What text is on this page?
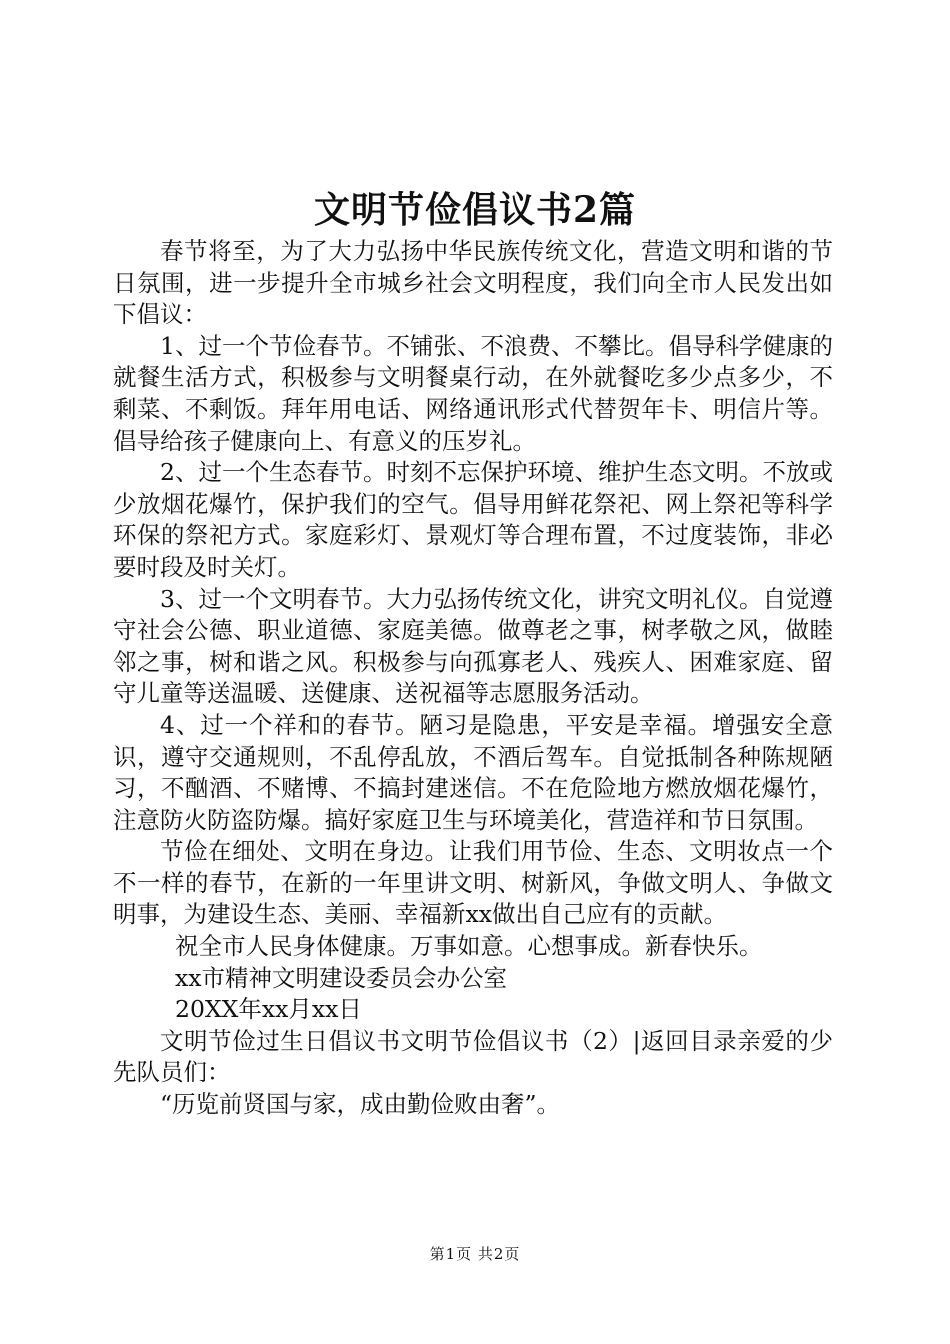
文明节俭倡议书2篇

春节将至，为了大力弘扬中华民族传统文化，营造文明和谐的节日氛围，进一步提升全市城乡社会文明程度，我们向全市人民发出如下倡议：

1、过一个节俭春节。不铺张、不浪费、不攀比。倡导科学健康的就餐生活方式，积极参与文明餐桌行动，在外就餐吃多少点多少，不剩菜、不剩饭。拜年用电话、网络通讯形式代替贺年卡、明信片等。倡导给孩子健康向上、有意义的压岁礼。

2、过一个生态春节。时刻不忘保护环境、维护生态文明。不放或少放烟花爆竹，保护我们的空气。倡导用鲜花祭祀、网上祭祀等科学环保的祭祀方式。家庭彩灯、景观灯等合理布置，不过度装饰，非必要时段及时关灯。

3、过一个文明春节。大力弘扬传统文化，讲究文明礼仪。自觉遵守社会公德、职业道德、家庭美德。做尊老之事，树孝敬之风，做睦邻之事，树和谐之风。积极参与向孤寡老人、残疾人、困难家庭、留守儿童等送温暖、送健康、送祝福等志愿服务活动。

4、过一个祥和的春节。陋习是隐患，平安是幸福。增强安全意识，遵守交通规则，不乱停乱放，不酒后驾车。自觉抵制各种陈规陋习，不酗酒、不赌博、不搞封建迷信。不在危险地方燃放烟花爆竹，注意防火防盗防爆。搞好家庭卫生与环境美化，营造祥和节日氛围。

节俭在细处、文明在身边。让我们用节俭、生态、文明妆点一个不一样的春节，在新的一年里讲文明、树新风，争做文明人、争做文明事，为建设生态、美丽、幸福新xx做出自己应有的贡献。

祝全市人民身体健康。万事如意。心想事成。新春快乐。

xx市精神文明建设委员会办公室

20XX年xx月xx日

文明节俭过生日倡议书文明节俭倡议书（2）|返回目录亲爱的少先队员们：

“历览前贤国与家，成由勤俭败由奢”。

第1页 共2页
